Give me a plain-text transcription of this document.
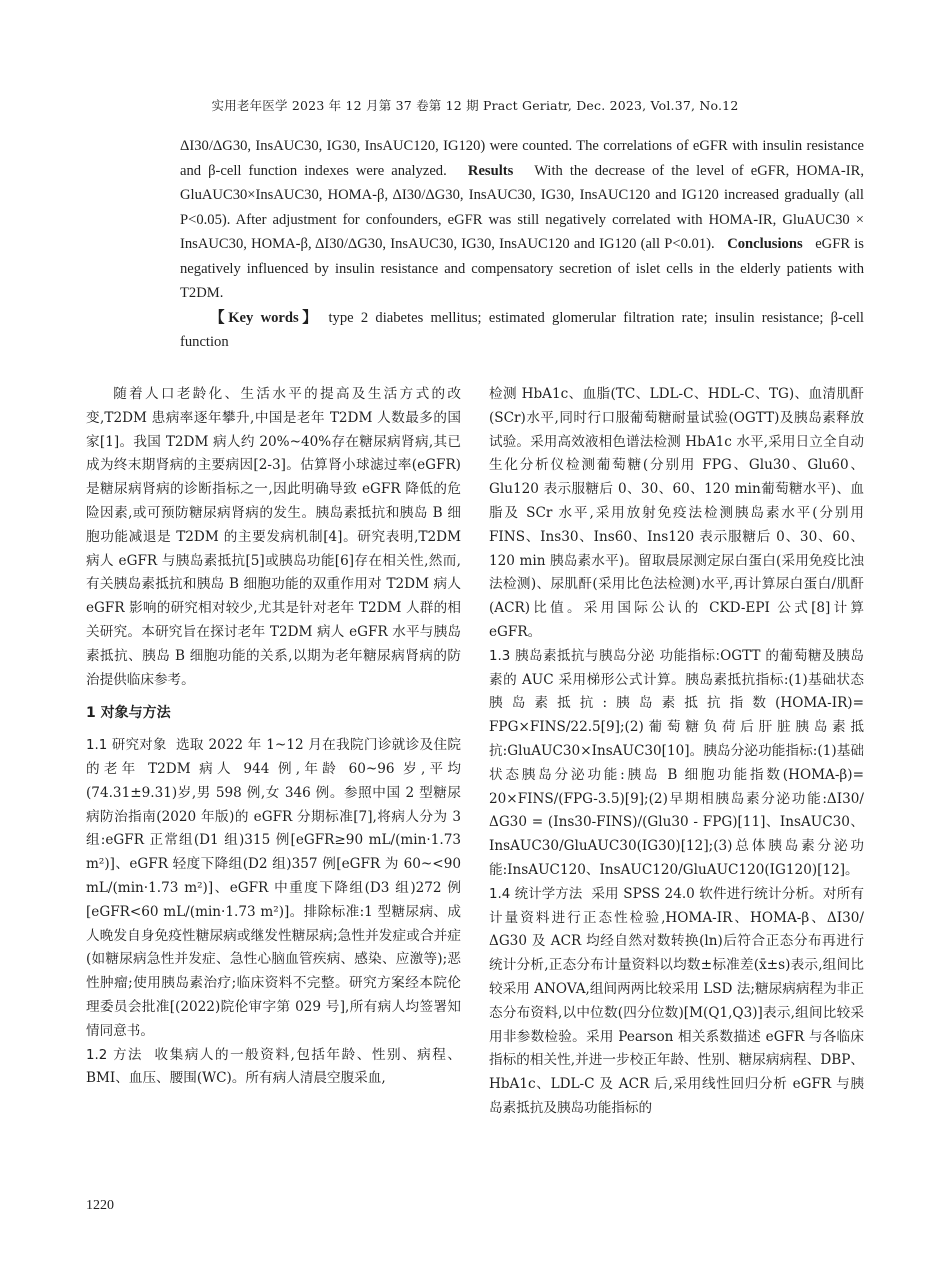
实用老年医学 2023 年 12 月第 37 卷第 12 期 Pract Geriatr, Dec. 2023, Vol.37, No.12

ΔI30/ΔG30, InsAUC30, IG30, InsAUC120, IG120) were counted. The correlations of eGFR with insulin resistance and β-cell function indexes were analyzed. Results With the decrease of the level of eGFR, HOMA-IR, GluAUC30×InsAUC30, HOMA-β, ΔI30/ΔG30, InsAUC30, IG30, InsAUC120 and IG120 increased gradually (all P<0.05). After adjustment for confounders, eGFR was still negatively correlated with HOMA-IR, GluAUC30 × InsAUC30, HOMA-β, ΔI30/ΔG30, InsAUC30, IG30, InsAUC120 and IG120 (all P<0.01). Conclusions eGFR is negatively influenced by insulin resistance and compensatory secretion of islet cells in the elderly patients with T2DM.

【Key words】 type 2 diabetes mellitus; estimated glomerular filtration rate; insulin resistance; β-cell function

随着人口老龄化、生活水平的提高及生活方式的改变,T2DM 患病率逐年攀升,中国是老年 T2DM 人数最多的国家[1]。我国 T2DM 病人约 20%~40%存在糖尿病肾病,其已成为终末期肾病的主要病因[2-3]。估算肾小球滤过率(eGFR)是糖尿病肾病的诊断指标之一,因此明确导致 eGFR 降低的危险因素,或可预防糖尿病肾病的发生。胰岛素抵抗和胰岛 B 细胞功能减退是 T2DM 的主要发病机制[4]。研究表明,T2DM 病人 eGFR 与胰岛素抵抗[5]或胰岛功能[6]存在相关性,然而,有关胰岛素抵抗和胰岛 B 细胞功能的双重作用对 T2DM 病人 eGFR 影响的研究相对较少,尤其是针对老年 T2DM 人群的相关研究。本研究旨在探讨老年 T2DM 病人 eGFR 水平与胰岛素抵抗、胰岛 B 细胞功能的关系,以期为老年糖尿病肾病的防治提供临床参考。

1 对象与方法

1.1 研究对象 选取 2022 年 1~12 月在我院门诊就诊及住院的老年 T2DM 病人 944 例,年龄 60~96 岁,平均(74.31±9.31)岁,男 598 例,女 346 例。参照中国 2 型糖尿病防治指南(2020 年版)的 eGFR 分期标准[7],将病人分为 3 组:eGFR 正常组(D1 组)315 例[eGFR≥90 mL/(min·1.73 m²)]、eGFR 轻度下降组(D2 组)357 例[eGFR 为 60~<90 mL/(min·1.73 m²)]、eGFR 中重度下降组(D3 组)272 例[eGFR<60 mL/(min·1.73 m²)]。排除标准:1 型糖尿病、成人晚发自身免疫性糖尿病或继发性糖尿病;急性并发症或合并症(如糖尿病急性并发症、急性心脑血管疾病、感染、应激等);恶性肿瘤;使用胰岛素治疗;临床资料不完整。研究方案经本院伦理委员会批准[(2022)院伦审字第 029 号],所有病人均签署知情同意书。

1.2 方法 收集病人的一般资料,包括年龄、性别、病程、BMI、血压、腰围(WC)。所有病人清晨空腹采血,

检测 HbA1c、血脂(TC、LDL-C、HDL-C、TG)、血清肌酐(SCr)水平,同时行口服葡萄糖耐量试验(OGTT)及胰岛素释放试验。采用高效液相色谱法检测 HbA1c 水平,采用日立全自动生化分析仪检测葡萄糖(分别用 FPG、Glu30、Glu60、Glu120 表示服糖后 0、30、60、120 min葡萄糖水平)、血脂及 SCr 水平,采用放射免疫法检测胰岛素水平(分别用 FINS、Ins30、Ins60、Ins120 表示服糖后 0、30、60、120 min 胰岛素水平)。留取晨尿测定尿白蛋白(采用免疫比浊法检测)、尿肌酐(采用比色法检测)水平,再计算尿白蛋白/肌酐(ACR)比值。采用国际公认的 CKD-EPI 公式[8]计算 eGFR。

1.3 胰岛素抵抗与胰岛分泌 功能指标:OGTT 的葡萄糖及胰岛素的 AUC 采用梯形公式计算。胰岛素抵抗指标:(1)基础状态胰岛素抵抗:胰岛素抵抗指数(HOMA-IR)= FPG×FINS/22.5[9];(2)葡萄糖负荷后肝脏胰岛素抵抗:GluAUC30×InsAUC30[10]。胰岛分泌功能指标:(1)基础状态胰岛分泌功能:胰岛 B 细胞功能指数(HOMA-β)= 20×FINS/(FPG-3.5)[9];(2)早期相胰岛素分泌功能:ΔI30/ΔG30 = (Ins30-FINS)/(Glu30 - FPG)[11]、InsAUC30、InsAUC30/GluAUC30(IG30)[12];(3)总体胰岛素分泌功能:InsAUC120、InsAUC120/GluAUC120(IG120)[12]。

1.4 统计学方法 采用 SPSS 24.0 软件进行统计分析。对所有计量资料进行正态性检验,HOMA-IR、HOMA-β、ΔI30/ΔG30 及 ACR 均经自然对数转换(ln)后符合正态分布再进行统计分析,正态分布计量资料以均数±标准差(x̄±s)表示,组间比较采用 ANOVA,组间两两比较采用 LSD 法;糖尿病病程为非正态分布资料,以中位数(四分位数)[M(Q1,Q3)]表示,组间比较采用非参数检验。采用 Pearson 相关系数描述 eGFR 与各临床指标的相关性,并进一步校正年龄、性别、糖尿病病程、DBP、HbA1c、LDL-C 及 ACR 后,采用线性回归分析 eGFR 与胰岛素抵抗及胰岛功能指标的

1220
